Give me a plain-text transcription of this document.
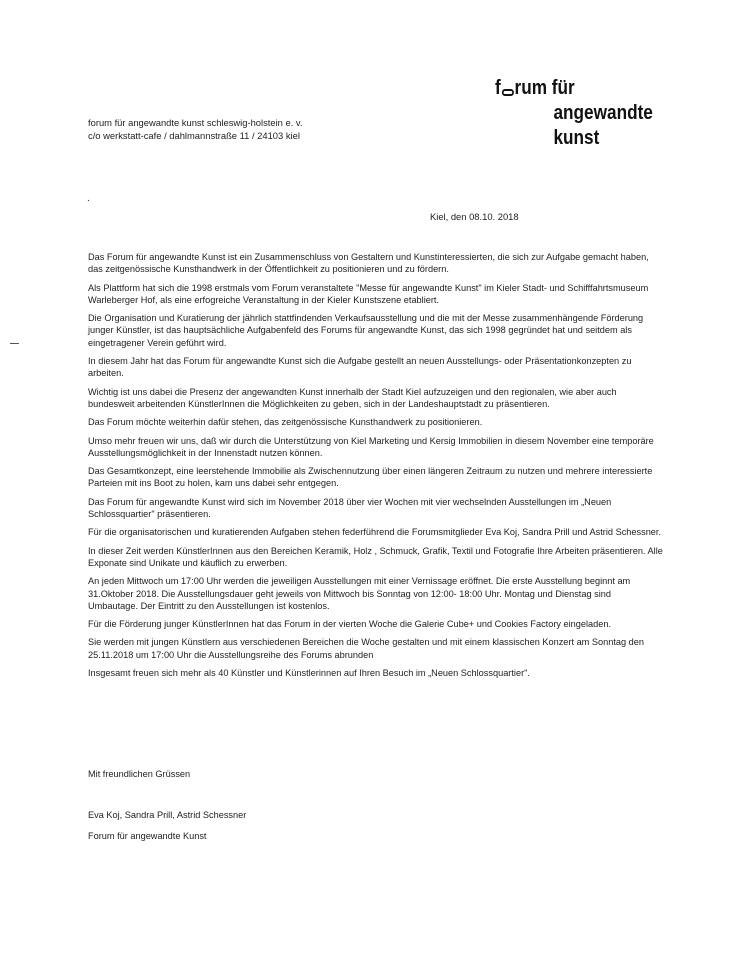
f rum für
angewandte
kunst
forum für angewandte kunst schleswig-holstein e. v.
c/o werkstatt-cafe / dahlmannstraße 11 / 24103 kiel
.
Kiel, den 08.10. 2018

Das Forum für angewandte Kunst ist ein Zusammenschluss von Gestaltern und Kunstinteressierten, die sich zur Aufgabe gemacht haben, das zeitgenössische Kunsthandwerk in der Öffentlichkeit zu positionieren und zu fördern.

Als Plattform hat sich die 1998 erstmals vom Forum veranstaltete "Messe für angewandte Kunst" im Kieler Stadt- und Schifffahrtsmuseum Warleberger Hof, als eine erfogreiche Veranstaltung in der Kieler Kunstszene etabliert.

Die Organisation und Kuratierung der jährlich stattfindenden Verkaufsausstellung und die mit der Messe zusammenhängende Förderung junger Künstler, ist das hauptsächliche Aufgabenfeld des Forums für angewandte Kunst, das sich 1998 gegründet hat und seitdem als eingetragener Verein geführt wird.

In diesem Jahr hat das Forum für angewandte Kunst sich die Aufgabe gestellt an neuen Ausstellungs- oder Präsentationkonzepten zu arbeiten.

Wichtig ist uns dabei die Presenz der angewandten Kunst innerhalb der Stadt Kiel aufzuzeigen und den regionalen, wie aber auch bundesweit arbeitenden KünstlerInnen die Möglichkeiten zu geben, sich in der Landeshauptstadt zu präsentieren.

Das Forum möchte weiterhin dafür stehen, das zeitgenössische Kunsthandwerk zu positionieren.

Umso mehr freuen wir uns, daß wir durch die Unterstützung von Kiel Marketing und Kersig Immobilien in diesem November eine temporäre Ausstellungsmöglichkeit in der Innenstadt nutzen können.

Das Gesamtkonzept, eine leerstehende Immobilie als Zwischennutzung über einen längeren Zeitraum zu nutzen und mehrere interessierte Parteien mit ins Boot zu holen, kam uns dabei sehr entgegen.

Das Forum für angewandte Kunst wird sich im November 2018 über vier Wochen mit vier wechselnden Ausstellungen im „Neuen Schlossquartier" präsentieren.

Für die organisatorischen und kuratierenden Aufgaben stehen federführend die Forumsmitglieder Eva Koj, Sandra Prill und Astrid Schessner.

In dieser Zeit werden KünstlerInnen aus den Bereichen Keramik, Holz , Schmuck, Grafik, Textil und Fotografie Ihre Arbeiten präsentieren. Alle Exponate sind Unikate und käuflich zu erwerben.

An jeden Mittwoch um 17:00 Uhr werden die jeweiligen Ausstellungen mit einer Vernissage eröffnet. Die erste Ausstellung beginnt am 31.Oktober 2018. Die Ausstellungsdauer geht jeweils von Mittwoch bis Sonntag von 12:00- 18:00 Uhr. Montag und Dienstag sind Umbautage. Der Eintritt zu den Ausstellungen ist kostenlos.

Für die Förderung junger KünstlerInnen hat das Forum in der vierten Woche die Galerie Cube+ und Cookies Factory eingeladen.

Sie werden mit jungen Künstlern aus verschiedenen Bereichen die Woche gestalten und mit einem klassischen Konzert am Sonntag den 25.11.2018 um 17:00 Uhr die Ausstellungsreihe des Forums abrunden

Insgesamt freuen sich mehr als 40 Künstler und Künstlerinnen auf Ihren Besuch im „Neuen Schlossquartier".

Mit freundlichen Grüssen
Eva Koj, Sandra Prill, Astrid Schessner
Forum für angewandte Kunst
